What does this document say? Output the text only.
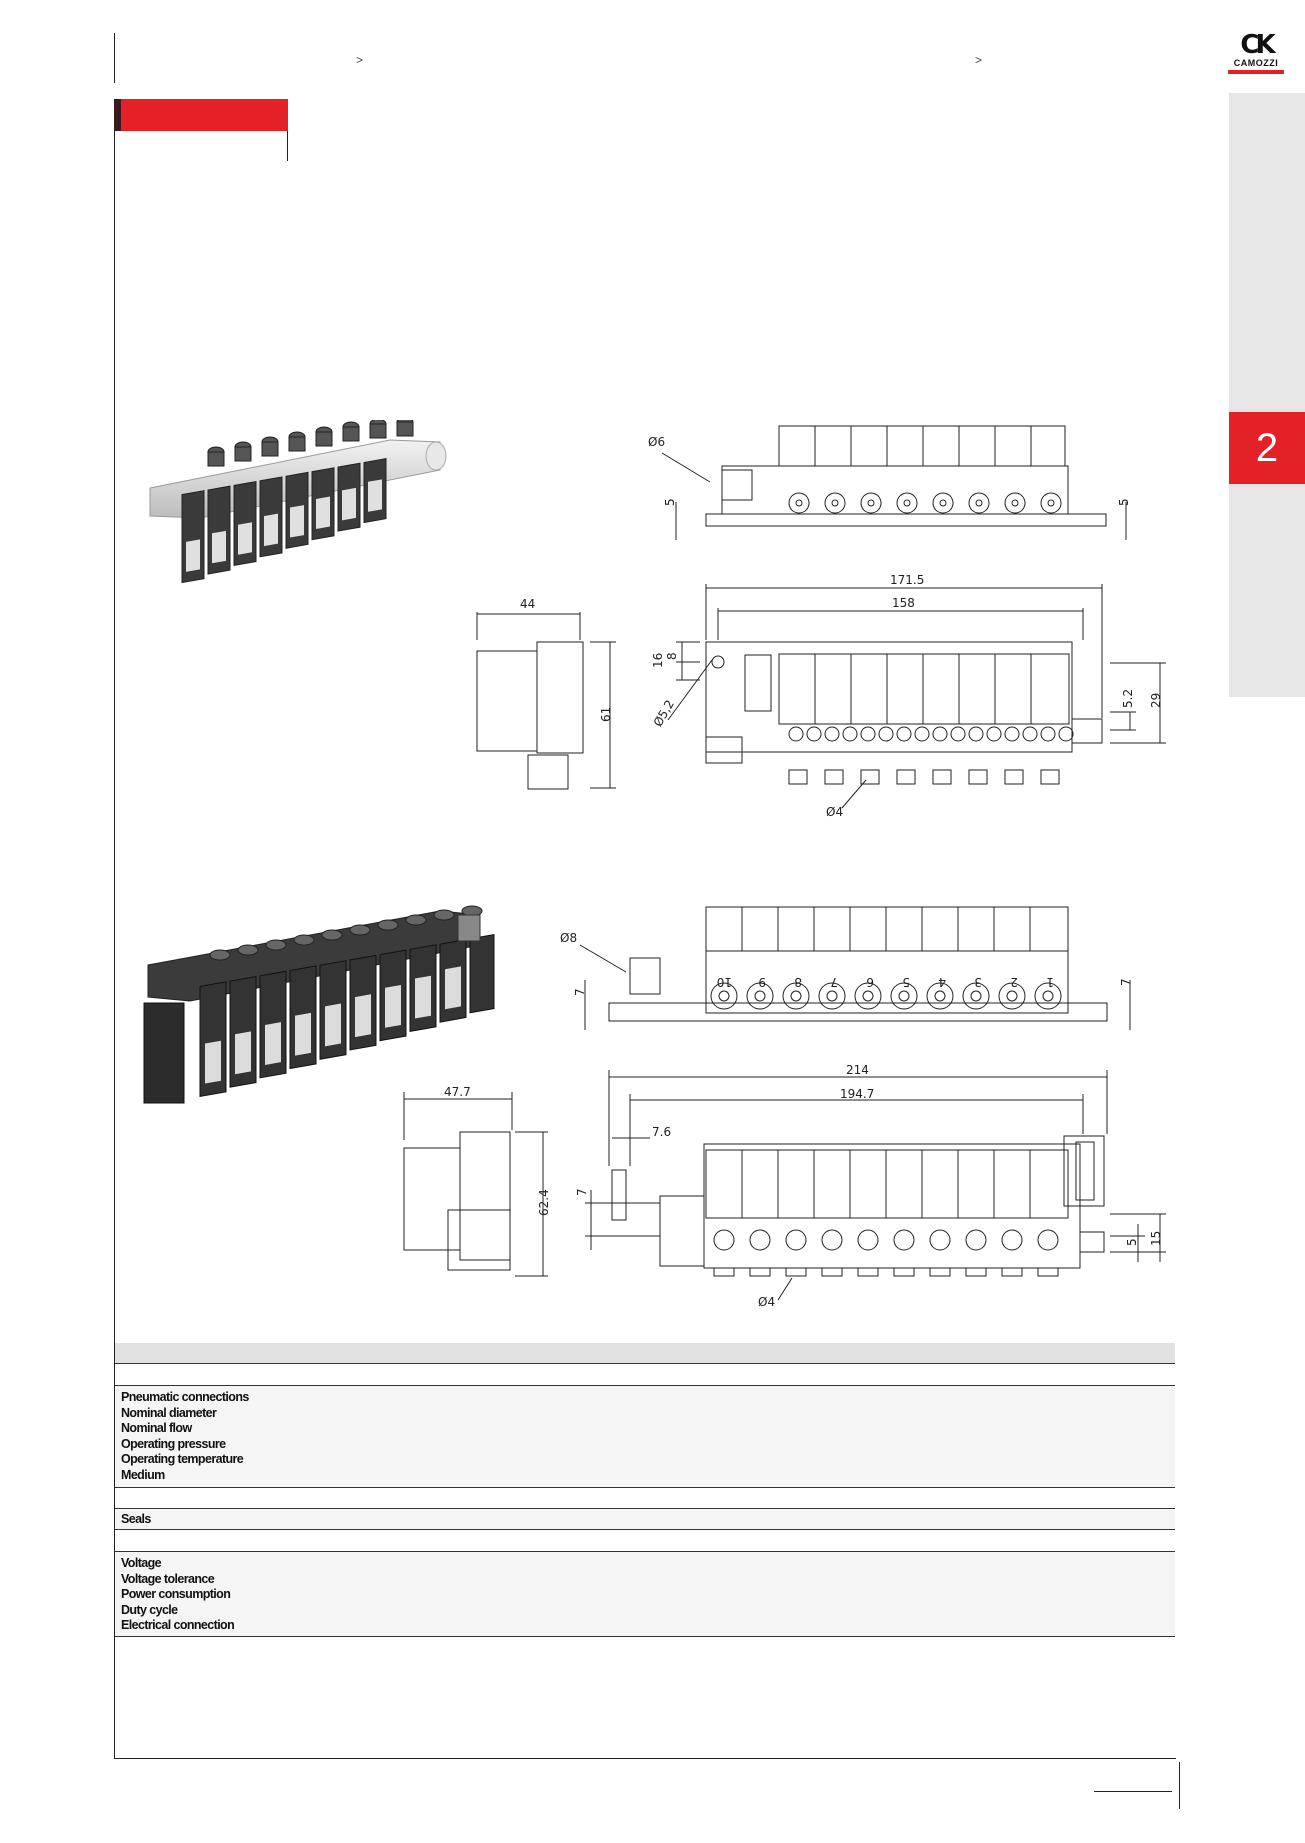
>	>	CK
CAMOZZI
2
Ø6
5	5
44
61
171.5
158
16 8
Ø5,2	5.2 29
Ø4
Ø8
7
7
10 9 8 7 6 5 4 3 2 1
47.7
62.4
214
194.7
7.6
7
5 15
Ø4
Pneumatic connections
Nominal diameter
Nominal flow
Operating pressure
Operating temperature
Medium
Seals
Voltage
Voltage tolerance
Power consumption
Duty cycle
Electrical connection
